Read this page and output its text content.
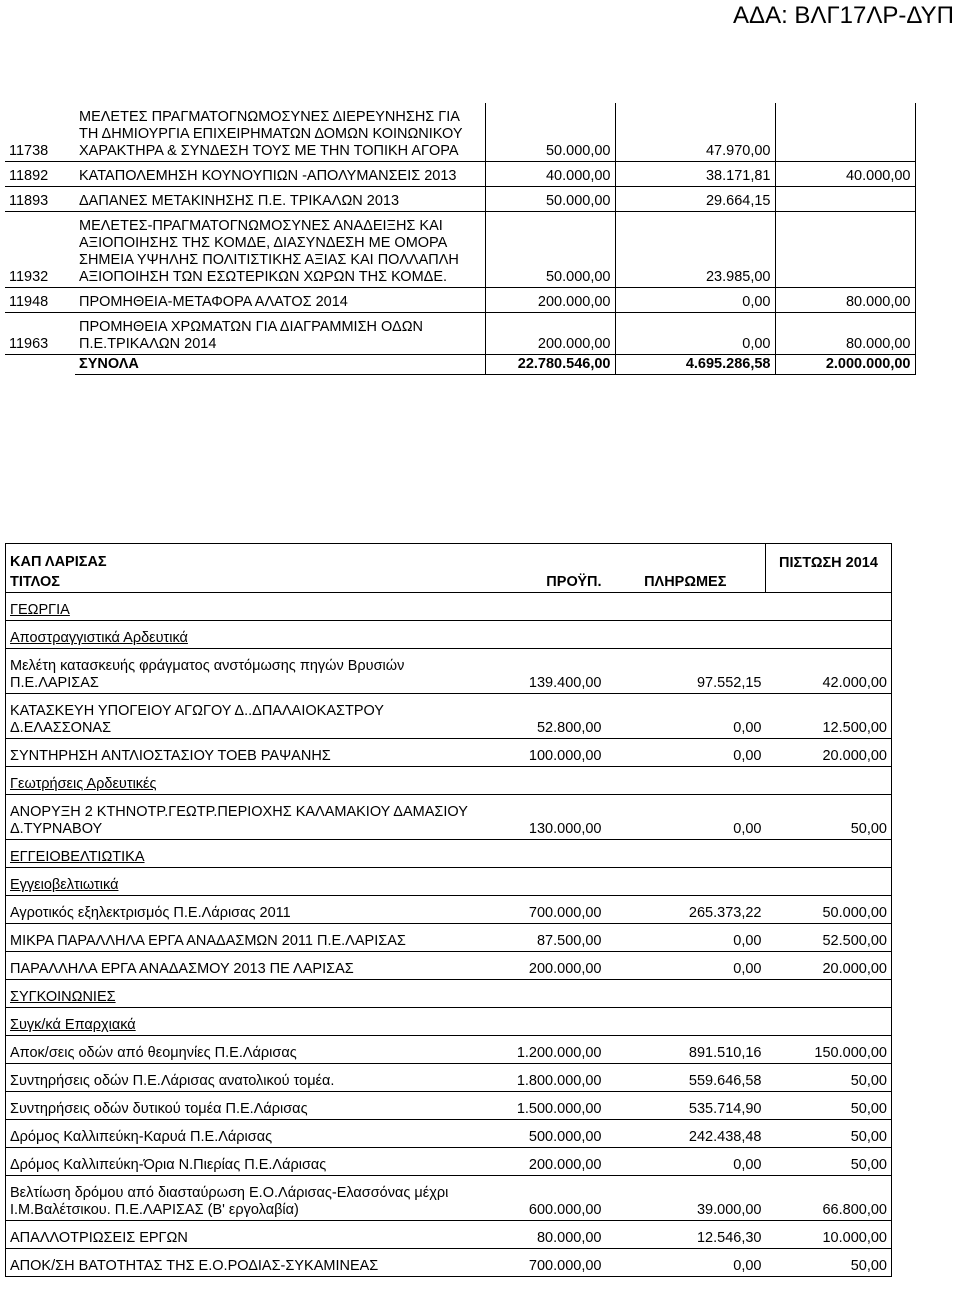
ΑΔΑ: ΒΛΓ17ΛΡ-ΔΥΠ
11738	ΜΕΛΕΤΕΣ ΠΡΑΓΜΑΤΟΓΝΩΜΟΣΥΝΕΣ ΔΙΕΡΕΥΝΗΣΗΣ ΓΙΑ ΤΗ ΔΗΜΙΟΥΡΓΙΑ ΕΠΙΧΕΙΡΗΜΑΤΩΝ ΔΟΜΩΝ ΚΟΙΝΩΝΙΚΟΥ ΧΑΡΑΚΤΗΡΑ & ΣΥΝΔΕΣΗ ΤΟΥΣ ΜΕ ΤΗΝ ΤΟΠΙΚΗ ΑΓΟΡΑ	50.000,00	47.970,00	
11892	ΚΑΤΑΠΟΛΕΜΗΣΗ ΚΟΥΝΟΥΠΙΩΝ -ΑΠΟΛΥΜΑΝΣΕΙΣ 2013	40.000,00	38.171,81	40.000,00
11893	ΔΑΠΑΝΕΣ ΜΕΤΑΚΙΝΗΣΗΣ Π.Ε. ΤΡΙΚΑΛΩΝ 2013	50.000,00	29.664,15	
11932	ΜΕΛΕΤΕΣ-ΠΡΑΓΜΑΤΟΓΝΩΜΟΣΥΝΕΣ ΑΝΑΔΕΙΞΗΣ ΚΑΙ ΑΞΙΟΠΟΙΗΣΗΣ ΤΗΣ ΚΟΜΔΕ, ΔΙΑΣΥΝΔΕΣΗ ΜΕ ΟΜΟΡΑ ΣΗΜΕΙΑ ΥΨΗΛΗΣ ΠΟΛΙΤΙΣΤΙΚΗΣ ΑΞΙΑΣ ΚΑΙ ΠΟΛΛΑΠΛΗ ΑΞΙΟΠΟΙΗΣΗ ΤΩΝ ΕΣΩΤΕΡΙΚΩΝ ΧΩΡΩΝ ΤΗΣ ΚΟΜΔΕ.	50.000,00	23.985,00	
11948	ΠΡΟΜΗΘΕΙΑ-ΜΕΤΑΦΟΡΑ ΑΛΑΤΟΣ 2014	200.000,00	0,00	80.000,00
11963	ΠΡΟΜΗΘΕΙΑ ΧΡΩΜΑΤΩΝ ΓΙΑ ΔΙΑΓΡΑΜΜΙΣΗ ΟΔΩΝ Π.Ε.ΤΡΙΚΑΛΩΝ 2014	200.000,00	0,00	80.000,00
	ΣΥΝΟΛΑ	22.780.546,00	4.695.286,58	2.000.000,00
ΚΑΠ ΛΑΡΙΣΑΣ			ΠΙΣΤΩΣΗ 2014
ΤΙΤΛΟΣ	ΠΡΟΫΠ.	ΠΛΗΡΩΜΕΣ	
ΓΕΩΡΓΙΑ			
Αποστραγγιστικά Αρδευτικά			
Μελέτη κατασκευής φράγματος ανστόμωσης πηγών Βρυσιών Π.Ε.ΛΑΡΙΣΑΣ	139.400,00	97.552,15	42.000,00
ΚΑΤΑΣΚΕΥΗ ΥΠΟΓΕΙΟΥ ΑΓΩΓΟΥ Δ..ΔΠΑΛΑΙΟΚΑΣΤΡΟΥ Δ.ΕΛΑΣΣΟΝΑΣ	52.800,00	0,00	12.500,00
ΣΥΝΤΗΡΗΣΗ ΑΝΤΛΙΟΣΤΑΣΙΟΥ ΤΟΕΒ ΡΑΨΑΝΗΣ	100.000,00	0,00	20.000,00
Γεωτρήσεις Αρδευτικές			
ΑΝΟΡΥΞΗ 2 ΚΤΗΝΟΤΡ.ΓΕΩΤΡ.ΠΕΡΙΟΧΗΣ ΚΑΛΑΜΑΚΙΟΥ ΔΑΜΑΣΙΟΥ Δ.ΤΥΡΝΑΒΟΥ	130.000,00	0,00	50,00
ΕΓΓΕΙΟΒΕΛΤΙΩΤΙΚΑ			
Εγγειοβελτιωτικά			
Αγροτικός εξηλεκτρισμός Π.Ε.Λάρισας 2011	700.000,00	265.373,22	50.000,00
ΜΙΚΡΑ ΠΑΡΑΛΛΗΛΑ ΕΡΓΑ ΑΝΑΔΑΣΜΩΝ 2011 Π.Ε.ΛΑΡΙΣΑΣ	87.500,00	0,00	52.500,00
ΠΑΡΑΛΛΗΛΑ ΕΡΓΑ ΑΝΑΔΑΣΜΟΥ 2013 ΠΕ ΛΑΡΙΣΑΣ	200.000,00	0,00	20.000,00
ΣΥΓΚΟΙΝΩΝΙΕΣ			
Συγκ/κά Επαρχιακά			
Αποκ/σεις οδών από θεομηνίες Π.Ε.Λάρισας	1.200.000,00	891.510,16	150.000,00
Συντηρήσεις οδών Π.Ε.Λάρισας ανατολικού τομέα.	1.800.000,00	559.646,58	50,00
Συντηρήσεις οδών δυτικού τομέα Π.Ε.Λάρισας	1.500.000,00	535.714,90	50,00
Δρόμος Καλλιπεύκη-Καρυά Π.Ε.Λάρισας	500.000,00	242.438,48	50,00
Δρόμος Καλλιπεύκη-Όρια Ν.Πιερίας Π.Ε.Λάρισας	200.000,00	0,00	50,00
Βελτίωση δρόμου από διασταύρωση Ε.Ο.Λάρισας-Ελασσόνας μέχρι Ι.Μ.Βαλέτσικου. Π.Ε.ΛΑΡΙΣΑΣ (Β' εργολαβία)	600.000,00	39.000,00	66.800,00
ΑΠΑΛΛΟΤΡΙΩΣΕΙΣ ΕΡΓΩΝ	80.000,00	12.546,30	10.000,00
ΑΠΟΚ/ΣΗ ΒΑΤΟΤΗΤΑΣ ΤΗΣ Ε.Ο.ΡΟΔΙΑΣ-ΣΥΚΑΜΙΝΕΑΣ	700.000,00	0,00	50,00
